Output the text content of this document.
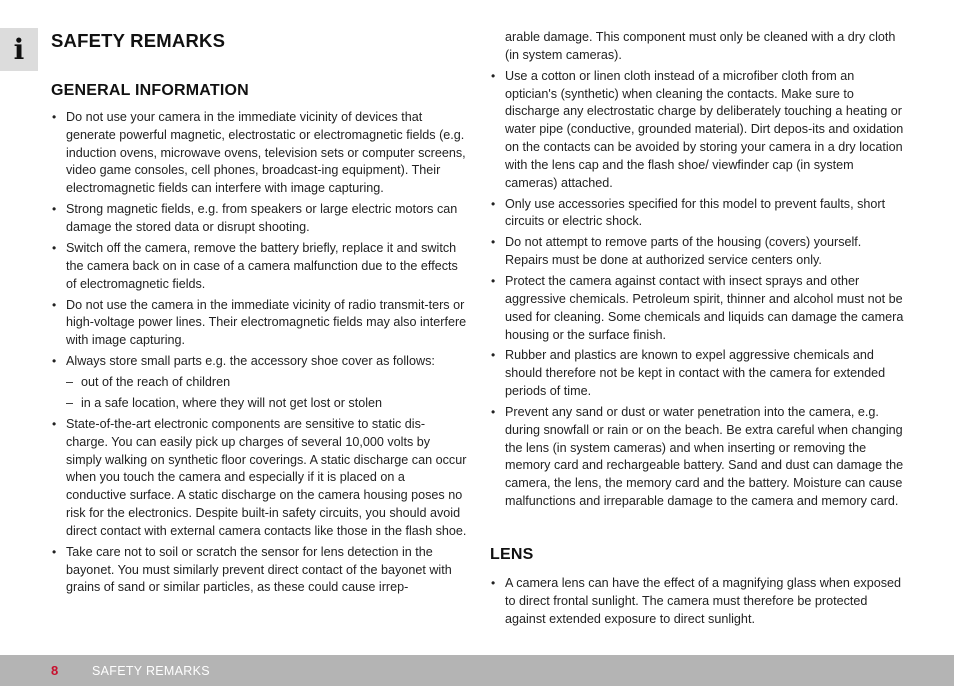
i SAFETY REMARKS
GENERAL INFORMATION
• Do not use your camera in the immediate vicinity of devices that generate powerful magnetic, electrostatic or electromagnetic fields (e.g. induction ovens, microwave ovens, television sets or computer screens, video game consoles, cell phones, broadcast-ing equipment). Their electromagnetic fields can interfere with image capturing.
• Strong magnetic fields, e.g. from speakers or large electric motors can damage the stored data or disrupt shooting.
• Switch off the camera, remove the battery briefly, replace it and switch the camera back on in case of a camera malfunction due to the effects of electromagnetic fields.
• Do not use the camera in the immediate vicinity of radio transmit-ters or high-voltage power lines. Their electromagnetic fields may also interfere with image capturing.
• Always store small parts e.g. the accessory shoe cover as follows:
– out of the reach of children
– in a safe location, where they will not get lost or stolen
• State-of-the-art electronic components are sensitive to static dis-charge. You can easily pick up charges of several 10,000 volts by simply walking on synthetic floor coverings. A static discharge can occur when you touch the camera and especially if it is placed on a conductive surface. A static discharge on the camera housing poses no risk for the electronics. Despite built-in safety circuits, you should avoid direct contact with external camera contacts like those in the flash shoe.
• Take care not to soil or scratch the sensor for lens detection in the bayonet. You must similarly prevent direct contact of the bayonet with grains of sand or similar particles, as these could cause irrep-
arable damage. This component must only be cleaned with a dry cloth (in system cameras).
• Use a cotton or linen cloth instead of a microfiber cloth from an optician's (synthetic) when cleaning the contacts. Make sure to discharge any electrostatic charge by deliberately touching a heating or water pipe (conductive, grounded material). Dirt depos-its and oxidation on the contacts can be avoided by storing your camera in a dry location with the lens cap and the flash shoe/ viewfinder cap (in system cameras) attached.
• Only use accessories specified for this model to prevent faults, short circuits or electric shock.
• Do not attempt to remove parts of the housing (covers) yourself. Repairs must be done at authorized service centers only.
• Protect the camera against contact with insect sprays and other aggressive chemicals. Petroleum spirit, thinner and alcohol must not be used for cleaning. Some chemicals and liquids can damage the camera housing or the surface finish.
• Rubber and plastics are known to expel aggressive chemicals and should therefore not be kept in contact with the camera for extended periods of time.
• Prevent any sand or dust or water penetration into the camera, e.g. during snowfall or rain or on the beach. Be extra careful when changing the lens (in system cameras) and when inserting or removing the memory card and rechargeable battery. Sand and dust can damage the camera, the lens, the memory card and the battery. Moisture can cause malfunctions and irreparable damage to the camera and memory card.
LENS
• A camera lens can have the effect of a magnifying glass when exposed to direct frontal sunlight. The camera must therefore be protected against extended exposure to direct sunlight.
8	SAFETY REMARKS
